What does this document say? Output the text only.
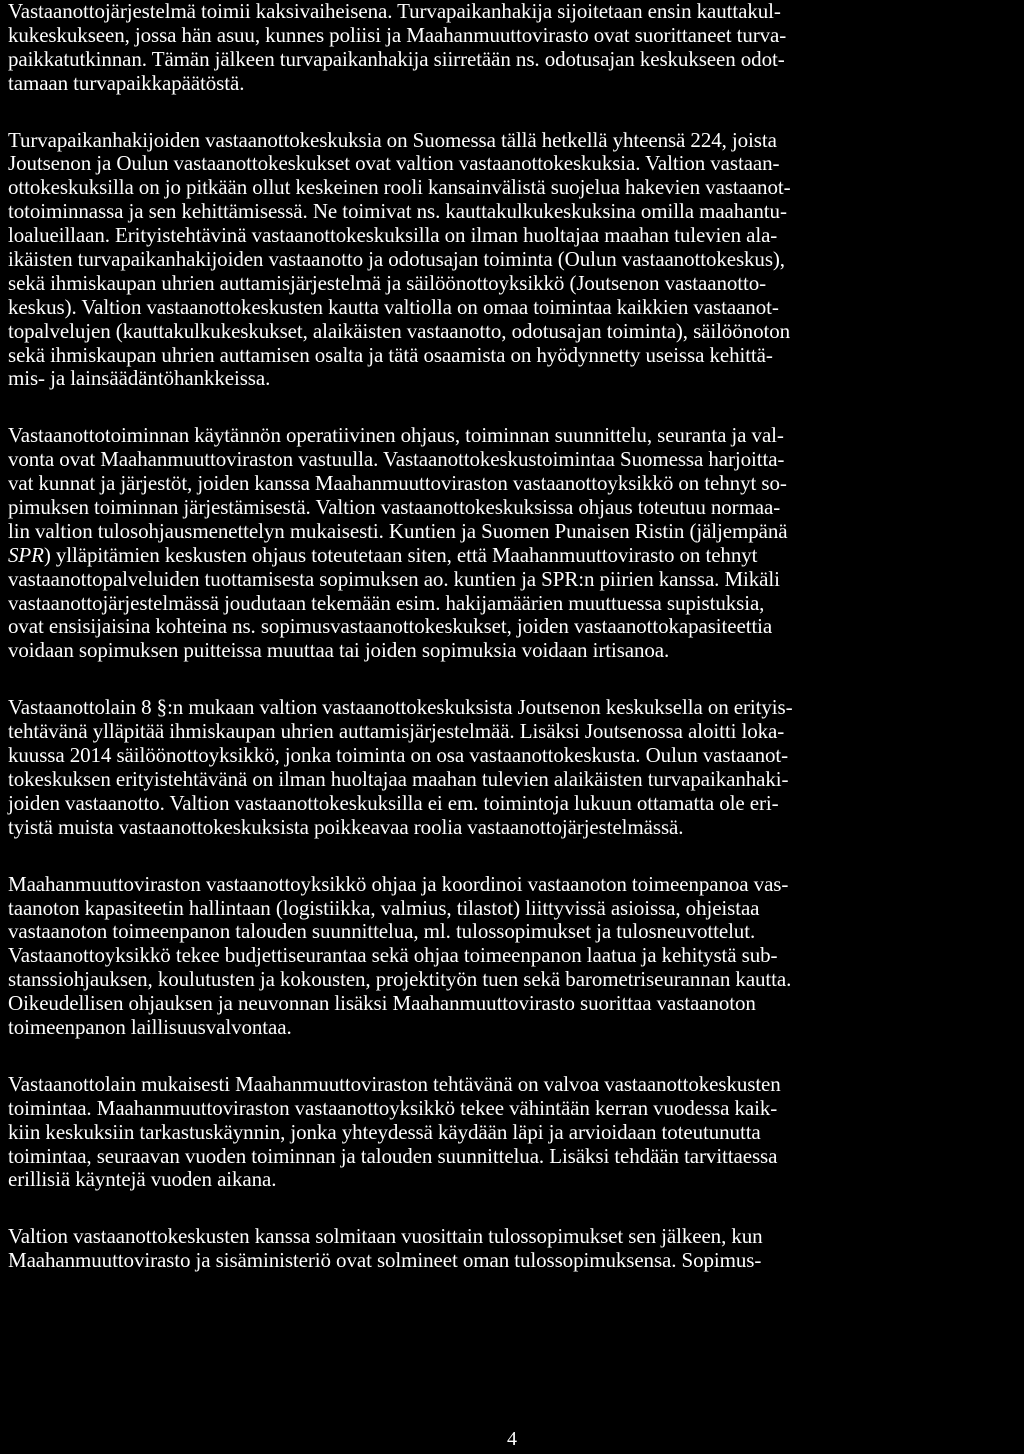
Vastaanottojärjestelmä toimii kaksivaiheisena. Turvapaikanhakija sijoitetaan ensin kauttakul-
kukeskukseen, jossa hän asuu, kunnes poliisi ja Maahanmuuttovirasto ovat suorittaneet turva-
paikkatutkinnan. Tämän jälkeen turvapaikanhakija siirretään ns. odotusajan keskukseen odot-
tamaan turvapaikkapäätöstä.
Turvapaikanhakijoiden vastaanottokeskuksia on Suomessa tällä hetkellä yhteensä 224, joista
Joutsenon ja Oulun vastaanottokeskukset ovat valtion vastaanottokeskuksia. Valtion vastaan-
ottokeskuksilla on jo pitkään ollut keskeinen rooli kansainvälistä suojelua hakevien vastaanot-
totoiminnassa ja sen kehittämisessä. Ne toimivat ns. kauttakulkukeskuksina omilla maahantu-
loalueillaan. Erityistehtävinä vastaanottokeskuksilla on ilman huoltajaa maahan tulevien ala-
ikäisten turvapaikanhakijoiden vastaanotto ja odotusajan toiminta (Oulun vastaanottokeskus),
sekä ihmiskaupan uhrien auttamisjärjestelmä ja säilöönottoyksikkö (Joutsenon vastaanotto-
keskus). Valtion vastaanottokeskusten kautta valtiolla on omaa toimintaa kaikkien vastaanot-
topalvelujen (kauttakulkukeskukset, alaikäisten vastaanotto, odotusajan toiminta), säilöönoton
sekä ihmiskaupan uhrien auttamisen osalta ja tätä osaamista on hyödynnetty useissa kehittä-
mis- ja lainsäädäntöhankkeissa.
Vastaanottotoiminnan käytännön operatiivinen ohjaus, toiminnan suunnittelu, seuranta ja val-
vonta ovat Maahanmuuttoviraston vastuulla. Vastaanottokeskustoimintaa Suomessa harjoitta-
vat kunnat ja järjestöt, joiden kanssa Maahanmuuttoviraston vastaanottoyksikkö on tehnyt so-
pimuksen toiminnan järjestämisestä. Valtion vastaanottokeskuksissa ohjaus toteutuu normaa-
lin valtion tulosohjausmenettelyn mukaisesti. Kuntien ja Suomen Punaisen Ristin (jäljempänä
SPR) ylläpitämien keskusten ohjaus toteutetaan siten, että Maahanmuuttovirasto on tehnyt
vastaanottopalveluiden tuottamisesta sopimuksen ao. kuntien ja SPR:n piirien kanssa. Mikäli
vastaanottojärjestelmässä joudutaan tekemään esim. hakijamäärien muuttuessa supistuksia,
ovat ensisijaisina kohteina ns. sopimusvastaanottokeskukset, joiden vastaanottokapasiteettia
voidaan sopimuksen puitteissa muuttaa tai joiden sopimuksia voidaan irtisanoa.
Vastaanottolain 8 §:n mukaan valtion vastaanottokeskuksista Joutsenon keskuksella on erityis-
tehtävänä ylläpitää ihmiskaupan uhrien auttamisjärjestelmää. Lisäksi Joutsenossa aloitti loka-
kuussa 2014 säilöönottoyksikkö, jonka toiminta on osa vastaanottokeskusta. Oulun vastaanot-
tokeskuksen erityistehtävänä on ilman huoltajaa maahan tulevien alaikäisten turvapaikanhaki-
joiden vastaanotto. Valtion vastaanottokeskuksilla ei em. toimintoja lukuun ottamatta ole eri-
tyistä muista vastaanottokeskuksista poikkeavaa roolia vastaanottojärjestelmässä.
Maahanmuuttoviraston vastaanottoyksikkö ohjaa ja koordinoi vastaanoton toimeenpanoa vas-
taanoton kapasiteetin hallintaan (logistiikka, valmius, tilastot) liittyvissä asioissa, ohjeistaa
vastaanoton toimeenpanon talouden suunnittelua, ml. tulossopimukset ja tulosneuvottelut.
Vastaanottoyksikkö tekee budjettiseurantaa sekä ohjaa toimeenpanon laatua ja kehitystä sub-
stanssiohjauksen, koulutusten ja kokousten, projektityön tuen sekä barometriseurannan kautta.
Oikeudellisen ohjauksen ja neuvonnan lisäksi Maahanmuuttovirasto suorittaa vastaanoton
toimeenpanon laillisuusvalvontaa.
Vastaanottolain mukaisesti Maahanmuuttoviraston tehtävänä on valvoa vastaanottokeskusten
toimintaa. Maahanmuuttoviraston vastaanottoyksikkö tekee vähintään kerran vuodessa kaik-
kiin keskuksiin tarkastuskäynnin, jonka yhteydessä käydään läpi ja arvioidaan toteutunutta
toimintaa, seuraavan vuoden toiminnan ja talouden suunnittelua. Lisäksi tehdään tarvittaessa
erillisiä käyntejä vuoden aikana.
Valtion vastaanottokeskusten kanssa solmitaan vuosittain tulossopimukset sen jälkeen, kun
Maahanmuuttovirasto ja sisäministeriö ovat solmineet oman tulossopimuksensa. Sopimus-
4
